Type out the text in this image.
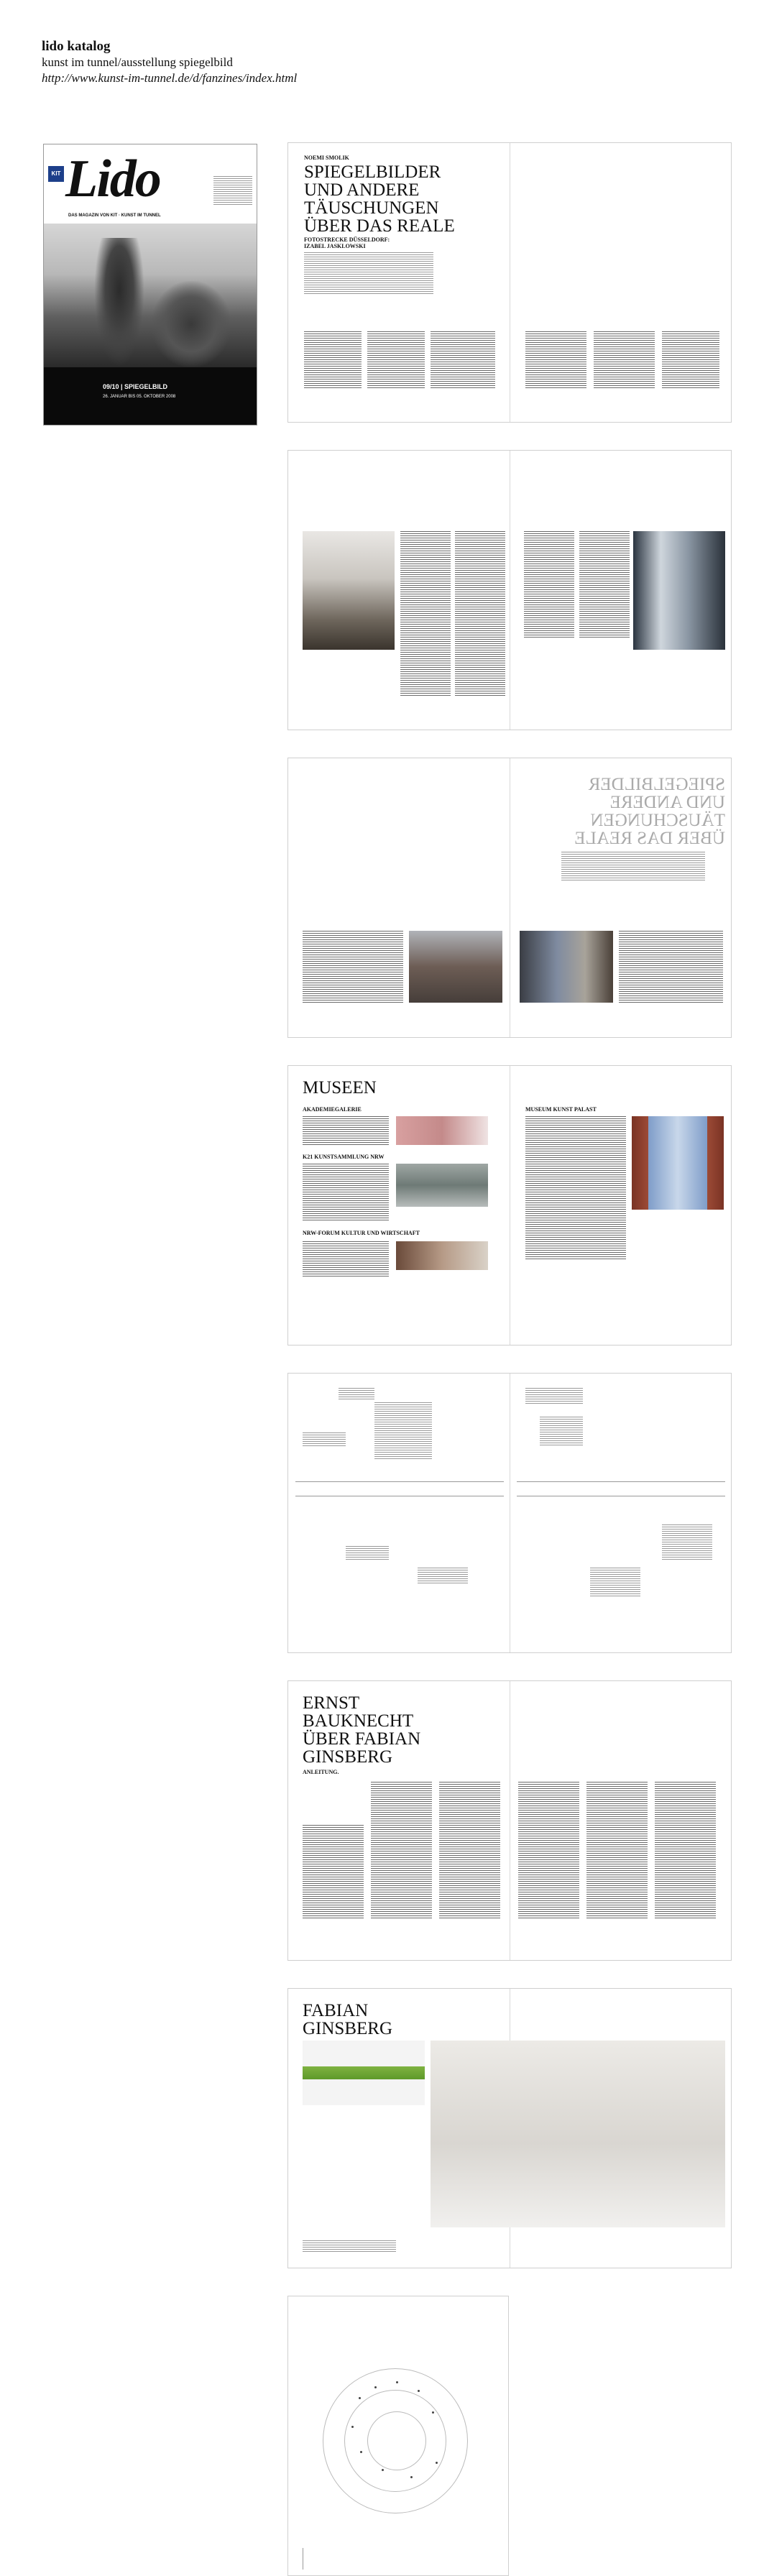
lido katalog
kunst im tunnel/ausstellung spiegelbild
http://www.kunst-im-tunnel.de/d/fanzines/index.html
KIT Lido
DAS MAGAZIN VON KIT · KUNST IM TUNNEL
09/10 | SPIEGELBILD
26. JANUAR BIS 05. OKTOBER 2008
NOEMI SMOLIK
SPIEGELBILDER
UND ANDERE
TÄUSCHUNGEN
ÜBER DAS REALE
FOTOSTRECKE DÜSSELDORF:
IZABEL JASKLOWSKI
SPIEGELBILDER
UND ANDERE
TÄUSCHUNGEN
ÜBER DAS REALE
MUSEEN
AKADEMIEGALERIE
K21 KUNSTSAMMLUNG NRW
NRW-FORUM KULTUR UND WIRTSCHAFT
MUSEUM KUNST PALAST
ERNST
BAUKNECHT
ÜBER FABIAN
GINSBERG
ANLEITUNG.
FABIAN
GINSBERG
